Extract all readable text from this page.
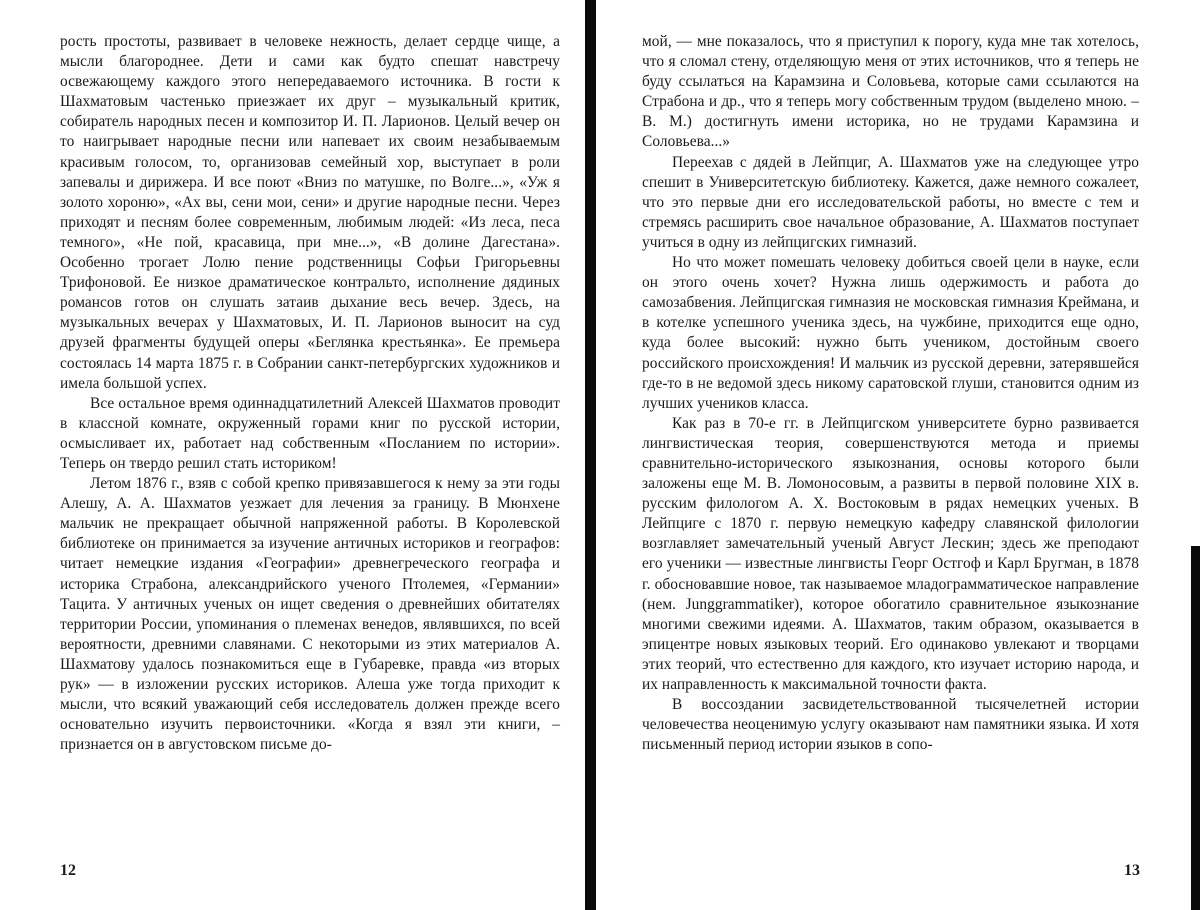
рость простоты, развивает в человеке нежность, делает сердце чище, а мысли благороднее. Дети и сами как будто спешат навстречу освежающему каждого этого непередаваемого источника. В гости к Шахматовым частенько приезжает их друг – музыкальный критик, собиратель народных песен и композитор И. П. Ларионов. Целый вечер он то наигрывает народные песни или напевает их своим незабываемым красивым голосом, то, организовав семейный хор, выступает в роли запевалы и дирижера. И все поют «Вниз по матушке, по Волге...», «Уж я золото хороню», «Ах вы, сени мои, сени» и другие народные песни. Через приходят и песням более современным, любимым людей: «Из леса, песа темного», «Не пой, красавица, при мне...», «В долине Дагестана». Особенно трогает Лолю пение родственницы Софьи Григорьевны Трифоновой. Ее низкое драматическое контральто, исполнение дядиных романсов готов он слушать затаив дыхание весь вечер. Здесь, на музыкальных вечерах у Шахматовых, И. П. Ларионов выносит на суд друзей фрагменты будущей оперы «Беглянка крестьянка». Ее премьера состоялась 14 марта 1875 г. в Собрании санкт-петербургских художников и имела большой успех.

Все остальное время одиннадцатилетний Алексей Шахматов проводит в классной комнате, окруженный горами книг по русской истории, осмысливает их, работает над собственным «Посланием по истории». Теперь он твердо решил стать историком!

Летом 1876 г., взяв с собой крепко привязавшегося к нему за эти годы Алешу, А. А. Шахматов уезжает для лечения за границу. В Мюнхене мальчик не прекращает обычной напряженной работы. В Королевской библиотеке он принимается за изучение античных историков и географов: читает немецкие издания «Географии» древнегреческого географа и историка Страбона, александрийского ученого Птолемея, «Германии» Тацита. У античных ученых он ищет сведения о древнейших обитателях территории России, упоминания о племенах венедов, являвшихся, по всей вероятности, древними славянами. С некоторыми из этих материалов А. Шахматову удалось познакомиться еще в Губаревке, правда «из вторых рук» — в изложении русских историков. Алеша уже тогда приходит к мысли, что всякий уважающий себя исследователь должен прежде всего основательно изучить первоисточники. «Когда я взял эти книги, – признается он в августовском письме до-

12

мой, — мне показалось, что я приступил к порогу, куда мне так хотелось, что я сломал стену, отделяющую меня от этих источников, что я теперь не буду ссылаться на Карамзина и Соловьева, которые сами ссылаются на Страбона и др., что я теперь могу собственным трудом (выделено мною. – В. М.) достигнуть имени историка, но не трудами Карамзина и Соловьева...»

Переехав с дядей в Лейпциг, А. Шахматов уже на следующее утро спешит в Университетскую библиотеку. Кажется, даже немного сожалеет, что это первые дни его исследовательской работы, но вместе с тем и стремясь расширить свое начальное образование, А. Шахматов поступает учиться в одну из лейпцигских гимназий.

Но что может помешать человеку добиться своей цели в науке, если он этого очень хочет? Нужна лишь одержимость и работа до самозабвения. Лейпцигская гимназия не московская гимназия Креймана, и в котелке успешного ученика здесь, на чужбине, приходится еще одно, куда более высокий: нужно быть учеником, достойным своего российского происхождения! И мальчик из русской деревни, затерявшейся где-то в не ведомой здесь никому саратовской глуши, становится одним из лучших учеников класса.

Как раз в 70-е гг. в Лейпцигском университете бурно развивается лингвистическая теория, совершенствуются метода и приемы сравнительно-исторического языкознания, основы которого были заложены еще М. В. Ломоносовым, а развиты в первой половине XIX в. русским филологом А. Х. Востоковым в рядах немецких ученых. В Лейпциге с 1870 г. первую немецкую кафедру славянской филологии возглавляет замечательный ученый Август Лескин; здесь же преподают его ученики — известные лингвисты Георг Остгоф и Карл Бругман, в 1878 г. обосновавшие новое, так называемое младограмматическое направление (нем. Junggrammatiker), которое обогатило сравнительное языкознание многими свежими идеями. А. Шахматов, таким образом, оказывается в эпицентре новых языковых теорий. Его одинаково увлекают и творцами этих теорий, что естественно для каждого, кто изучает историю народа, и их направленность к максимальной точности факта.

В воссоздании засвидетельствованной тысячелетней истории человечества неоценимую услугу оказывают нам памятники языка. И хотя письменный период истории языков в сопо-

13
